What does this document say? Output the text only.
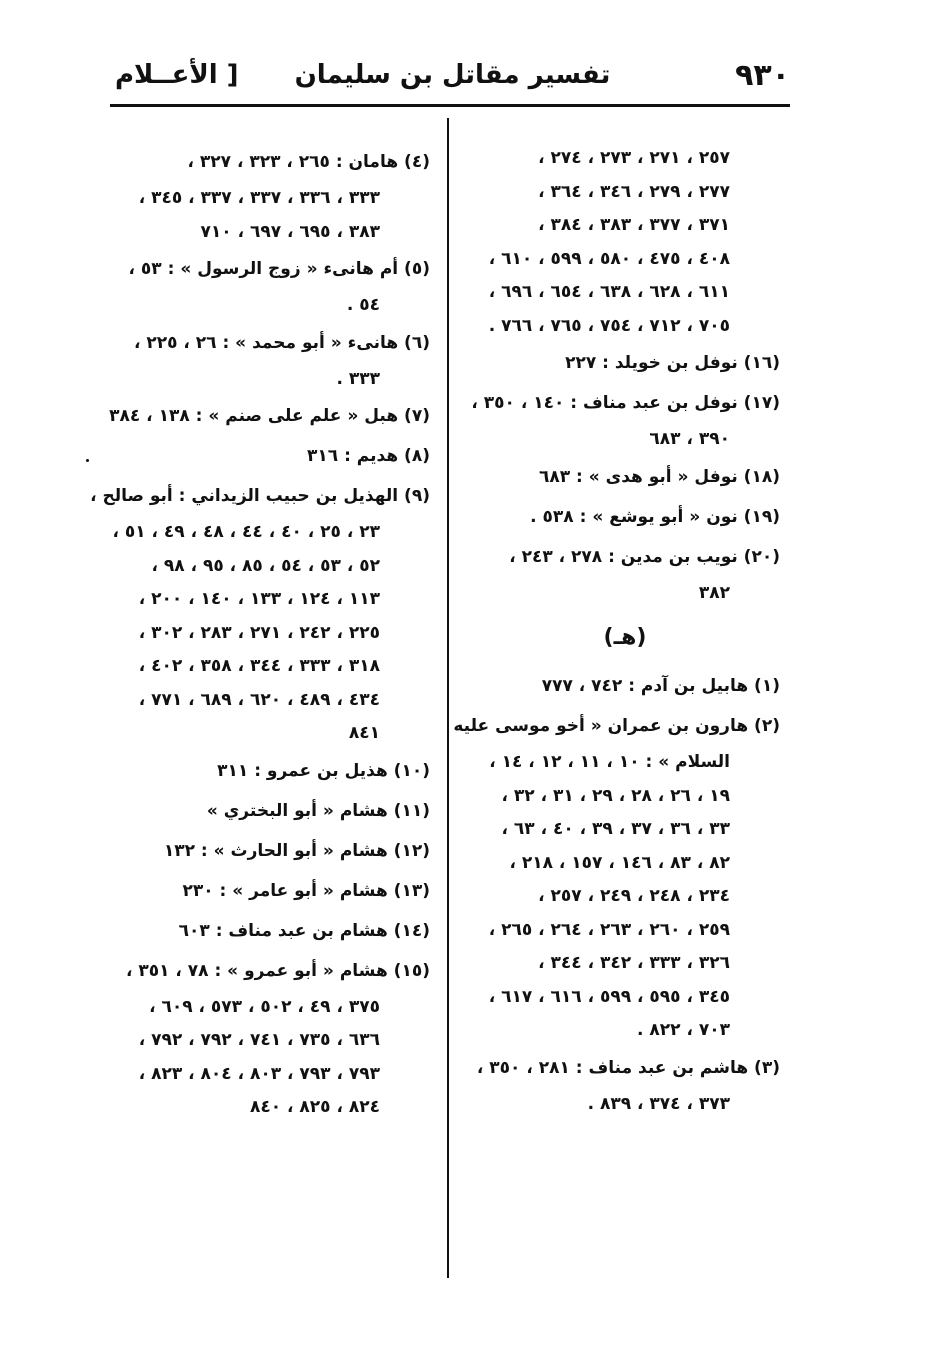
٩٣٠
تفسير مقاتل بن سليمان
[ الأعــلام
٢٥٧ ، ٢٧١ ، ٢٧٣ ، ٢٧٤ ،
٢٧٧ ، ٢٧٩ ، ٣٤٦ ، ٣٦٤ ،
٣٧١ ، ٣٧٧ ، ٣٨٣ ، ٣٨٤ ،
٤٠٨ ، ٤٧٥ ، ٥٨٠ ، ٥٩٩ ، ٦١٠ ،
٦١١ ، ٦٢٨ ، ٦٣٨ ، ٦٥٤ ، ٦٩٦ ،
٧٠٥ ، ٧١٢ ، ٧٥٤ ، ٧٦٥ ، ٧٦٦ .
(١٦) نوفل بن خويلد : ٢٢٧
(١٧) نوفل بن عبد مناف : ١٤٠ ، ٣٥٠ ،
٣٩٠ ، ٦٨٣
(١٨) نوفل « أبو هدى » : ٦٨٣
(١٩) نون « أبو يوشع » : ٥٣٨ .
(٢٠) نويب بن مدين : ٢٧٨ ، ٢٤٣ ،
٣٨٢
(هـ)
(١) هابيل بن آدم : ٧٤٢ ، ٧٧٧
(٢) هارون بن عمران « أخو موسى عليه
السلام » : ١٠ ، ١١ ، ١٢ ، ١٤ ،
١٩ ، ٢٦ ، ٢٨ ، ٢٩ ، ٣١ ، ٣٢ ،
٣٣ ، ٣٦ ، ٣٧ ، ٣٩ ، ٤٠ ، ٦٣ ،
٨٢ ، ٨٣ ، ١٤٦ ، ١٥٧ ، ٢١٨ ،
٢٣٤ ، ٢٤٨ ، ٢٤٩ ، ٢٥٧ ،
٢٥٩ ، ٢٦٠ ، ٢٦٣ ، ٢٦٤ ، ٢٦٥ ،
٣٢٦ ، ٣٣٣ ، ٣٤٢ ، ٣٤٤ ،
٣٤٥ ، ٥٩٥ ، ٥٩٩ ، ٦١٦ ، ٦١٧ ،
٧٠٣ ، ٨٢٢ .
(٣) هاشم بن عبد مناف : ٢٨١ ، ٣٥٠ ،
٣٧٣ ، ٣٧٤ ، ٨٣٩ .
(٤) هامان : ٢٦٥ ، ٣٢٣ ، ٣٢٧ ،
٣٣٣ ، ٣٣٦ ، ٣٣٧ ، ٣٣٧ ، ٣٤٥ ،
٣٨٣ ، ٦٩٥ ، ٦٩٧ ، ٧١٠
(٥) أم هانىء « زوج الرسول » : ٥٣ ،
٥٤ .
(٦) هانىء « أبو محمد » : ٢٦ ، ٢٢٥ ،
٣٣٣ .
(٧) هبل « علم على صنم » : ١٣٨ ، ٣٨٤
(٨) هديم : ٣١٦
(٩) الهذيل بن حبيب الزيداني : أبو صالح ،
٢٣ ، ٢٥ ، ٤٠ ، ٤٤ ، ٤٨ ، ٤٩ ، ٥١ ،
٥٢ ، ٥٣ ، ٥٤ ، ٨٥ ، ٩٥ ، ٩٨ ،
١١٣ ، ١٢٤ ، ١٣٣ ، ١٤٠ ، ٢٠٠ ،
٢٢٥ ، ٢٤٢ ، ٢٧١ ، ٢٨٣ ، ٣٠٢ ،
٣١٨ ، ٣٣٣ ، ٣٤٤ ، ٣٥٨ ، ٤٠٢ ،
٤٣٤ ، ٤٨٩ ، ٦٢٠ ، ٦٨٩ ، ٧٧١ ،
٨٤١
(١٠) هذيل بن عمرو : ٣١١
(١١) هشام « أبو البختري »
(١٢) هشام « أبو الحارث » : ١٣٢
(١٣) هشام « أبو عامر » : ٢٣٠
(١٤) هشام بن عبد مناف : ٦٠٣
(١٥) هشام « أبو عمرو » : ٧٨ ، ٣٥١ ،
٣٧٥ ، ٤٩ ، ٥٠٢ ، ٥٧٣ ، ٦٠٩ ،
٦٣٦ ، ٧٣٥ ، ٧٤١ ، ٧٩٢ ، ٧٩٢ ،
٧٩٣ ، ٧٩٣ ، ٨٠٣ ، ٨٠٤ ، ٨٢٣ ،
٨٢٤ ، ٨٢٥ ، ٨٤٠
